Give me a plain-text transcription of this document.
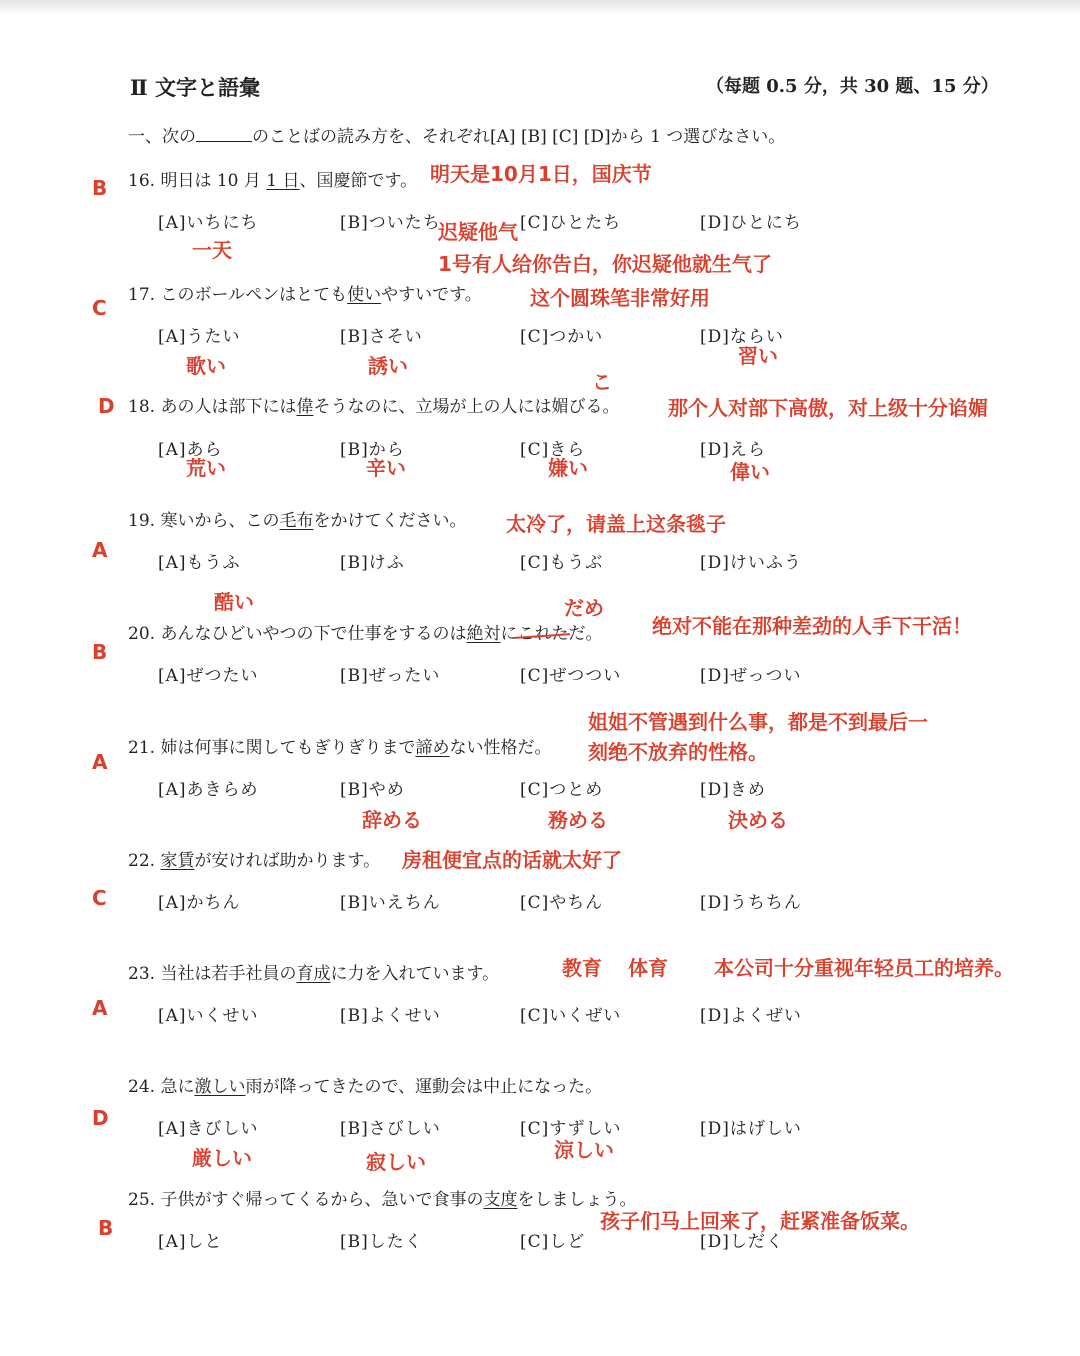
Ⅱ 文字と語彙	（每题 0.5 分，共 30 题、15 分）
一、次の	のことばの読み方を、それぞれ[A] [B] [C] [D]から 1 つ選びなさい。
B 16. 明日は 10 月 1 日、国慶節です。 明天是10月1日，国庆节
[A]いちにち	[B]ついたち	[C]ひとたち	[D]ひとにち
一天
迟疑他气
1号有人给你告白，你迟疑他就生气了
C
17. このボールペンはとても使いやすいです。 这个圆珠笔非常好用
[A]うたい	[B]さそい	[C]つかい	[D]ならい
歌い	誘い	習い
こ
D 18. あの人は部下には偉そうなのに、立場が上の人には媚びる。 那个人对部下高傲，对上级十分谄媚
[A]あら	[B]から	[C]きら	[D]えら
荒い	辛い	嫌い	偉い
19. 寒いから、この毛布をかけてください。 太冷了，请盖上这条毯子
A
[A]もうふ	[B]けふ	[C]もうぶ	[D]けいふう
酷い	だめ
20. あんなひどいやつの下で仕事をするのは絶対にこれただ。 绝对不能在那种差劲的人手下干活！
B
[A]ぜつたい	[B]ぜったい	[C]ぜつつい	[D]ぜっつい
姐姐不管遇到什么事，都是不到最后一
21. 姉は何事に関してもぎりぎりまで諦めない性格だ。 刻绝不放弃的性格。
A
[A]あきらめ	[B]やめ	[C]つとめ	[D]きめ
辞める	務める	決める
22. 家賃が安ければ助かります。 房租便宜点的话就太好了
C	[A]かちん	[B]いえちん	[C]やちん	[D]うちちん
23. 当社は若手社員の育成に力を入れています。	教育 体育 本公司十分重视年轻员工的培养。
A	[A]いくせい	[B]よくせい	[C]いくぜい	[D]よくぜい
24. 急に激しい雨が降ってきたので、運動会は中止になった。
D	[A]きびしい	[B]さびしい	[C]すずしい	[D]はげしい
厳しい	寂しい	涼しい
25. 子供がすぐ帰ってくるから、急いで食事の支度をしましょう。
孩子们马上回来了，赶紧准备饭菜。
B
[A]しと	[B]したく	[C]しど	[D]しだく
